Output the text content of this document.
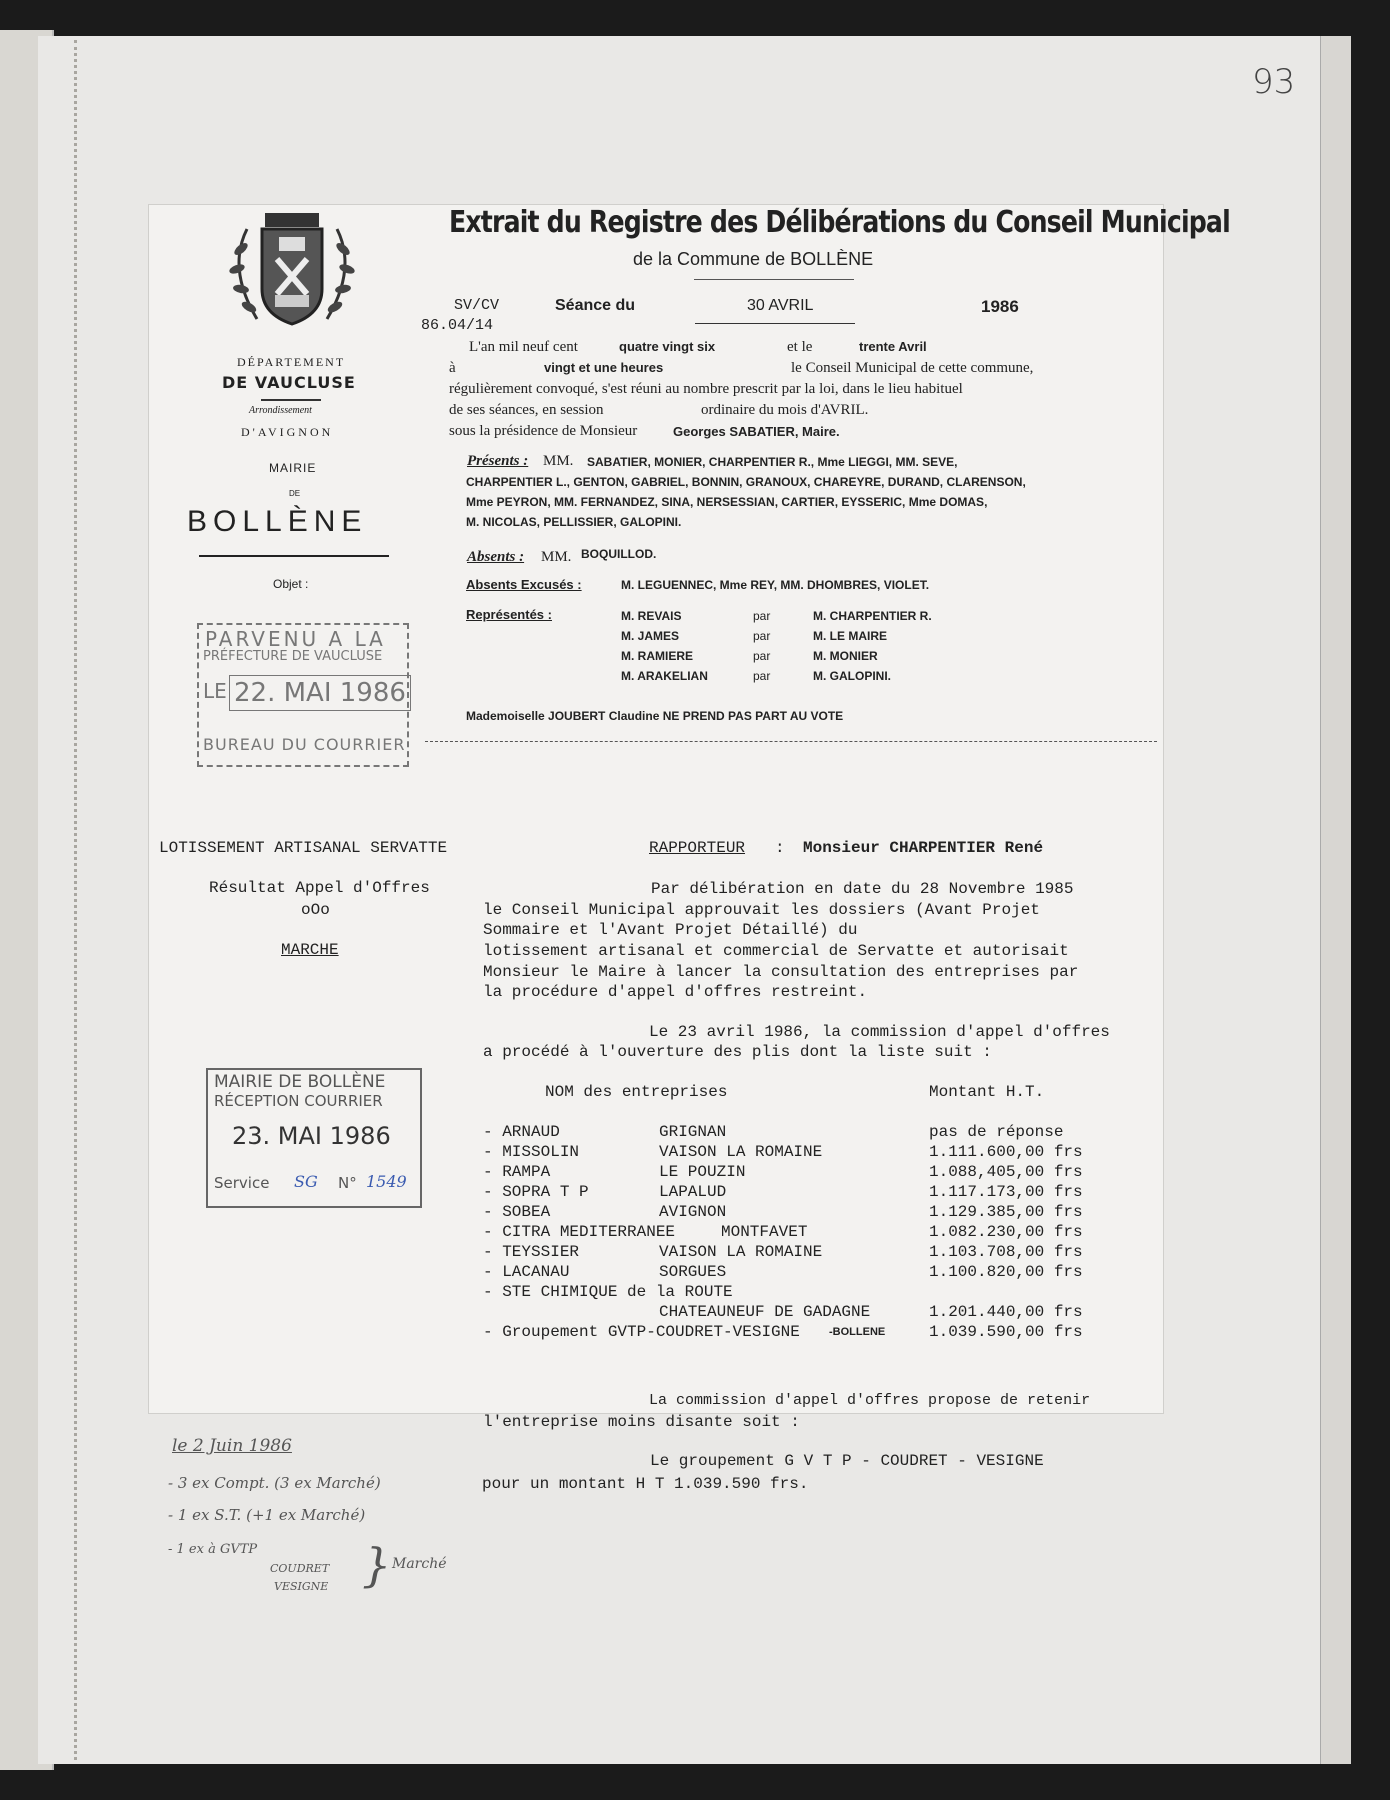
93
DÉPARTEMENT
DE VAUCLUSE
Arrondissement
D'AVIGNON
MAIRIE
DE
BOLLÈNE
Objet :
PARVENU A LA
PRÉFECTURE DE VAUCLUSE
LE 22. MAI 1986
BUREAU DU COURRIER
Extrait du Registre des Délibérations du Conseil Municipal
de la Commune de BOLLÈNE
SV/CV
86.04/14
Séance du	30 AVRIL	1986
L'an mil neuf cent	quatre vingt six	et le	trente Avril
à	vingt et une heures	le Conseil Municipal de cette commune,
régulièrement convoqué, s'est réuni au nombre prescrit par la loi, dans le lieu habituel
de ses séances, en session	ordinaire du mois d'AVRIL.
sous la présidence de Monsieur	Georges SABATIER, Maire.
Présents : MM. SABATIER, MONIER, CHARPENTIER R., Mme LIEGGI, MM. SEVE,
CHARPENTIER L., GENTON, GABRIEL, BONNIN, GRANOUX, CHAREYRE, DURAND, CLARENSON,
Mme PEYRON, MM. FERNANDEZ, SINA, NERSESSIAN, CARTIER, EYSSERIC, Mme DOMAS,
M. NICOLAS, PELLISSIER, GALOPINI.
Absents : MM. BOQUILLOD.
Absents Excusés :	M. LEGUENNEC, Mme REY, MM. DHOMBRES, VIOLET.
Représentés :	M. REVAIS	par	M. CHARPENTIER R.
M. JAMES	par	M. LE MAIRE
M. RAMIERE	par	M. MONIER
M. ARAKELIAN	par	M. GALOPINI.
Mademoiselle JOUBERT Claudine NE PREND PAS PART AU VOTE
LOTISSEMENT ARTISANAL SERVATTE
Résultat Appel d'Offres
oOo
MARCHE
RAPPORTEUR : Monsieur CHARPENTIER René
Par délibération en date du 28 Novembre 1985
le Conseil Municipal approuvait les dossiers (Avant Projet
Sommaire et l'Avant Projet Détaillé) du
lotissement artisanal et commercial de Servatte et autorisait
Monsieur le Maire à lancer la consultation des entreprises par
la procédure d'appel d'offres restreint.
Le 23 avril 1986, la commission d'appel d'offres
a procédé à l'ouverture des plis dont la liste suit :
NOM des entreprises	Montant H.T.
- ARNAUD	GRIGNAN	pas de réponse
- MISSOLIN	VAISON LA ROMAINE	1.111.600,00 frs
- RAMPA	LE POUZIN	1.088,405,00 frs
- SOPRA T P	LAPALUD	1.117.173,00 frs
- SOBEA	AVIGNON	1.129.385,00 frs
- CITRA MEDITERRANEE	MONTFAVET	1.082.230,00 frs
- TEYSSIER	VAISON LA ROMAINE	1.103.708,00 frs
- LACANAU	SORGUES	1.100.820,00 frs
- STE CHIMIQUE de la ROUTE
CHATEAUNEUF DE GADAGNE	1.201.440,00 frs
- Groupement GVTP-COUDRET-VESIGNE	-BOLLENE	1.039.590,00 frs
La commission d'appel d'offres propose de retenir
l'entreprise moins disante soit :
Le groupement G V T P - COUDRET - VESIGNE
pour un montant H T 1.039.590 frs.
MAIRIE DE BOLLÈNE
RÉCEPTION COURRIER
23. MAI 1986
Service SG N° 1549
le 2 Juin 1986
- 3 ex Compt. (3 ex Marché)
- 1 ex S.T. (+1 ex Marché)
- 1 ex à GVTP
COUDRET
VESIGNE } Marché
